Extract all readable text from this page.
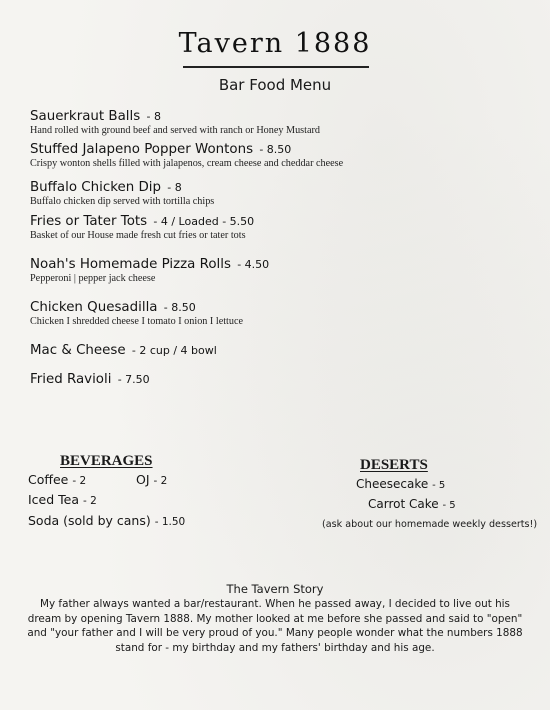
Tavern 1888
Bar Food Menu
Sauerkraut Balls - 8
Hand rolled with ground beef and served with ranch or Honey Mustard
Stuffed Jalapeno Popper Wontons - 8.50
Crispy wonton shells filled with jalapenos, cream cheese and cheddar cheese
Buffalo Chicken Dip - 8
Buffalo chicken dip served with tortilla chips
Fries or Tater Tots - 4 / Loaded - 5.50
Basket of our House made fresh cut fries or tater tots
Noah's Homemade Pizza Rolls - 4.50
Pepperoni | pepper jack cheese
Chicken Quesadilla - 8.50
Chicken I shredded cheese I tomato I onion I lettuce
Mac & Cheese - 2 cup / 4 bowl
Fried Ravioli - 7.50
BEVERAGES
Coffee - 2	OJ - 2
Iced Tea - 2
Soda (sold by cans) - 1.50
DESERTS
Cheesecake - 5
Carrot Cake - 5
(ask about our homemade weekly desserts!)
The Tavern Story
My father always wanted a bar/restaurant. When he passed away, I decided to live out his dream by opening Tavern 1888. My mother looked at me before she passed and said to "open" and "your father and I will be very proud of you." Many people wonder what the numbers 1888 stand for - my birthday and my fathers' birthday and his age.
